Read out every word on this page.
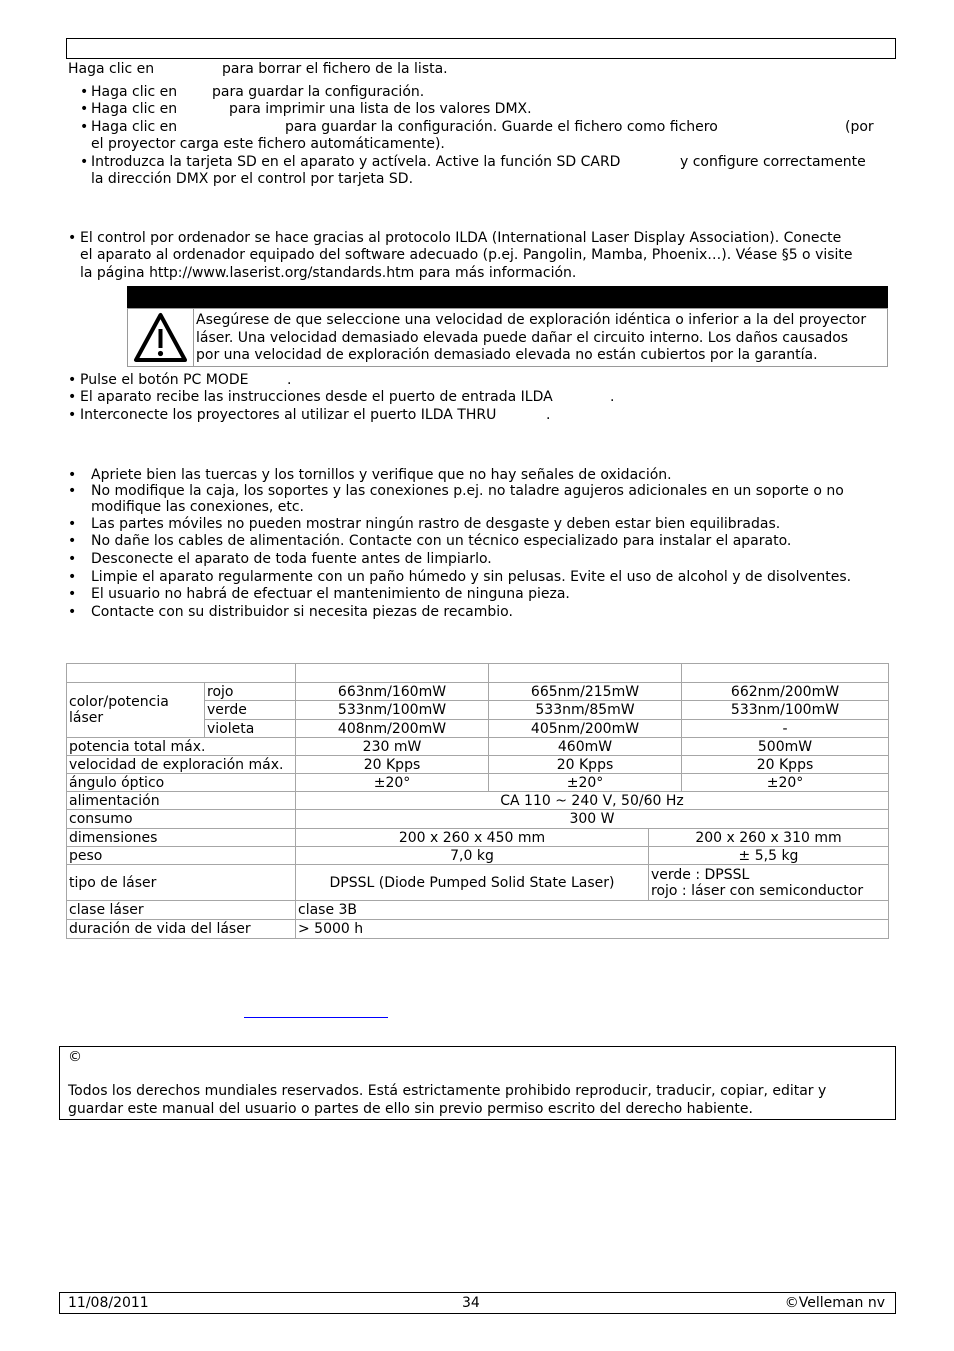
Haga clic en	para borrar el fichero de la lista.
• Haga clic en para guardar la configuración.
• Haga clic en	para imprimir una lista de los valores DMX.
• Haga clic en	para guardar la configuración. Guarde el fichero como fichero	(por
el proyector carga este fichero automáticamente).
• Introduzca la tarjeta SD en el aparato y actívela. Active la función SD CARD	y configure correctamente
la dirección DMX por el control por tarjeta SD.
• El control por ordenador se hace gracias al protocolo ILDA (International Laser Display Association). Conecte
el aparato al ordenador equipado del software adecuado (p.ej. Pangolin, Mamba, Phoenix…). Véase §5 o visite
la página http://www.laserist.org/standards.htm para más información.
Asegúrese de que seleccione una velocidad de exploración idéntica o inferior a la del proyector
láser. Una velocidad demasiado elevada puede dañar el circuito interno. Los daños causados
por una velocidad de exploración demasiado elevada no están cubiertos por la garantía.
• Pulse el botón PC MODE	.
• El aparato recibe las instrucciones desde el puerto de entrada ILDA	.
• Interconecte los proyectores al utilizar el puerto ILDA THRU	.
• Apriete bien las tuercas y los tornillos y verifique que no hay señales de oxidación.
• No modifique la caja, los soportes y las conexiones p.ej. no taladre agujeros adicionales en un soporte o no
modifique las conexiones, etc.
• Las partes móviles no pueden mostrar ningún rastro de desgaste y deben estar bien equilibradas.
• No dañe los cables de alimentación. Contacte con un técnico especializado para instalar el aparato.
• Desconecte el aparato de toda fuente antes de limpiarlo.
• Limpie el aparato regularmente con un paño húmedo y sin pelusas. Evite el uso de alcohol y de disolventes.
• El usuario no habrá de efectuar el mantenimiento de ninguna pieza.
• Contacte con su distribuidor si necesita piezas de recambio.

color/potencia láser	rojo	663nm/160mW	665nm/215mW		662nm/200mW
	verde	533nm/100mW	533nm/85mW		533nm/100mW
	violeta	408nm/200mW	405nm/200mW		-
potencia total máx.		230 mW	460mW		500mW
velocidad de exploración máx.		20 Kpps	20 Kpps		20 Kpps
ángulo óptico		±20°	±20°		±20°
alimentación		CA 110 ~ 240 V, 50/60 Hz			
consumo		300 W			
dimensiones		200 x 260 x 450 mm		200 x 260 x 310 mm	
peso		7,0 kg		± 5,5 kg	
tipo de láser		DPSSL (Diode Pumped Solid State Laser)		verde : DPSSL
rojo : láser con semiconductor	

clase láser		clase 3B			
duración de vida del láser		> 5000 h			
©
Todos los derechos mundiales reservados. Está estrictamente prohibido reproducir, traducir, copiar, editar y
guardar este manual del usuario o partes de ello sin previo permiso escrito del derecho habiente.
11/08/2011	34	©Velleman nv
